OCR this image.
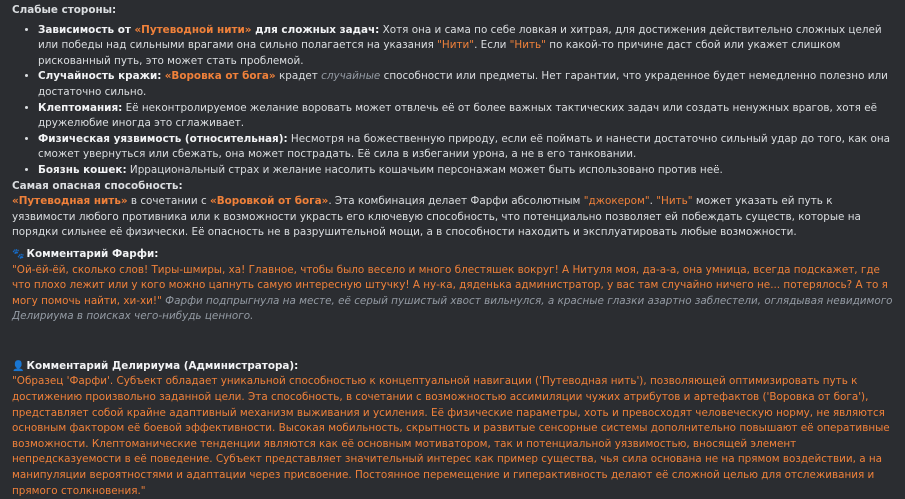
Слабые стороны:

• Зависимость от «Путеводной нити» для сложных задач: Хотя она и сама по себе ловкая и хитрая, для достижения действительно сложных целей или победы над сильными врагами она сильно полагается на указания "Нити". Если "Нить" по какой-то причине даст сбой или укажет слишком рискованный путь, это может стать проблемой.
• Случайность кражи: «Воровка от бога» крадет случайные способности или предметы. Нет гарантии, что украденное будет немедленно полезно или достаточно сильно.
• Клептомания: Её неконтролируемое желание воровать может отвлечь её от более важных тактических задач или создать ненужных врагов, хотя её дружелюбие иногда это сглаживает.
• Физическая уязвимость (относительная): Несмотря на божественную природу, если её поймать и нанести достаточно сильный удар до того, как она сможет увернуться или сбежать, она может пострадать. Её сила в избегании урона, а не в его танковании.
• Боязнь кошек: Иррациональный страх и желание насолить кошачьим персонажам может быть использовано против неё.

Самая опасная способность:

«Путеводная нить» в сочетании с «Воровкой от бога». Эта комбинация делает Фарфи абсолютным "джокером". "Нить" может указать ей путь к уязвимости любого противника или к возможности украсть его ключевую способность, что потенциально позволяет ей побеждать существ, которые на порядки сильнее её физически. Её опасность не в разрушительной мощи, а в способности находить и эксплуатировать любые возможности.

🐾 Комментарий Фарфи:

"Ой-ёй-ёй, сколько слов! Тиры-шмиры, ха! Главное, чтобы было весело и много блестяшек вокруг! А Нитуля моя, да-а-а, она умница, всегда подскажет, где что плохо лежит или у кого можно цапнуть самую интересную штучку! А ну-ка, дяденька администратор, у вас там случайно ничего не... потерялось? А то я могу помочь найти, хи-хи!" Фарфи подпрыгнула на месте, её серый пушистый хвост вильнулся, а красные глазки азартно заблестели, оглядывая невидимого Делириума в поисках чего-нибудь ценного.

👤 Комментарий Делириума (Администратора):

"Образец 'Фарфи'. Субъект обладает уникальной способностью к концептуальной навигации ('Путеводная нить'), позволяющей оптимизировать путь к достижению произвольно заданной цели. Эта способность, в сочетании с возможностью ассимиляции чужих атрибутов и артефактов ('Воровка от бога'), представляет собой крайне адаптивный механизм выживания и усиления. Её физические параметры, хоть и превосходят человеческую норму, не являются основным фактором её боевой эффективности. Высокая мобильность, скрытность и развитые сенсорные системы дополнительно повышают её оперативные возможности. Клептоманические тенденции являются как её основным мотиватором, так и потенциальной уязвимостью, вносящей элемент непредсказуемости в её поведение. Субъект представляет значительный интерес как пример существа, чья сила основана не на прямом воздействии, а на манипуляции вероятностями и адаптации через присвоение. Постоянное перемещение и гиперактивность делают её сложной целью для отслеживания и прямого столкновения."
